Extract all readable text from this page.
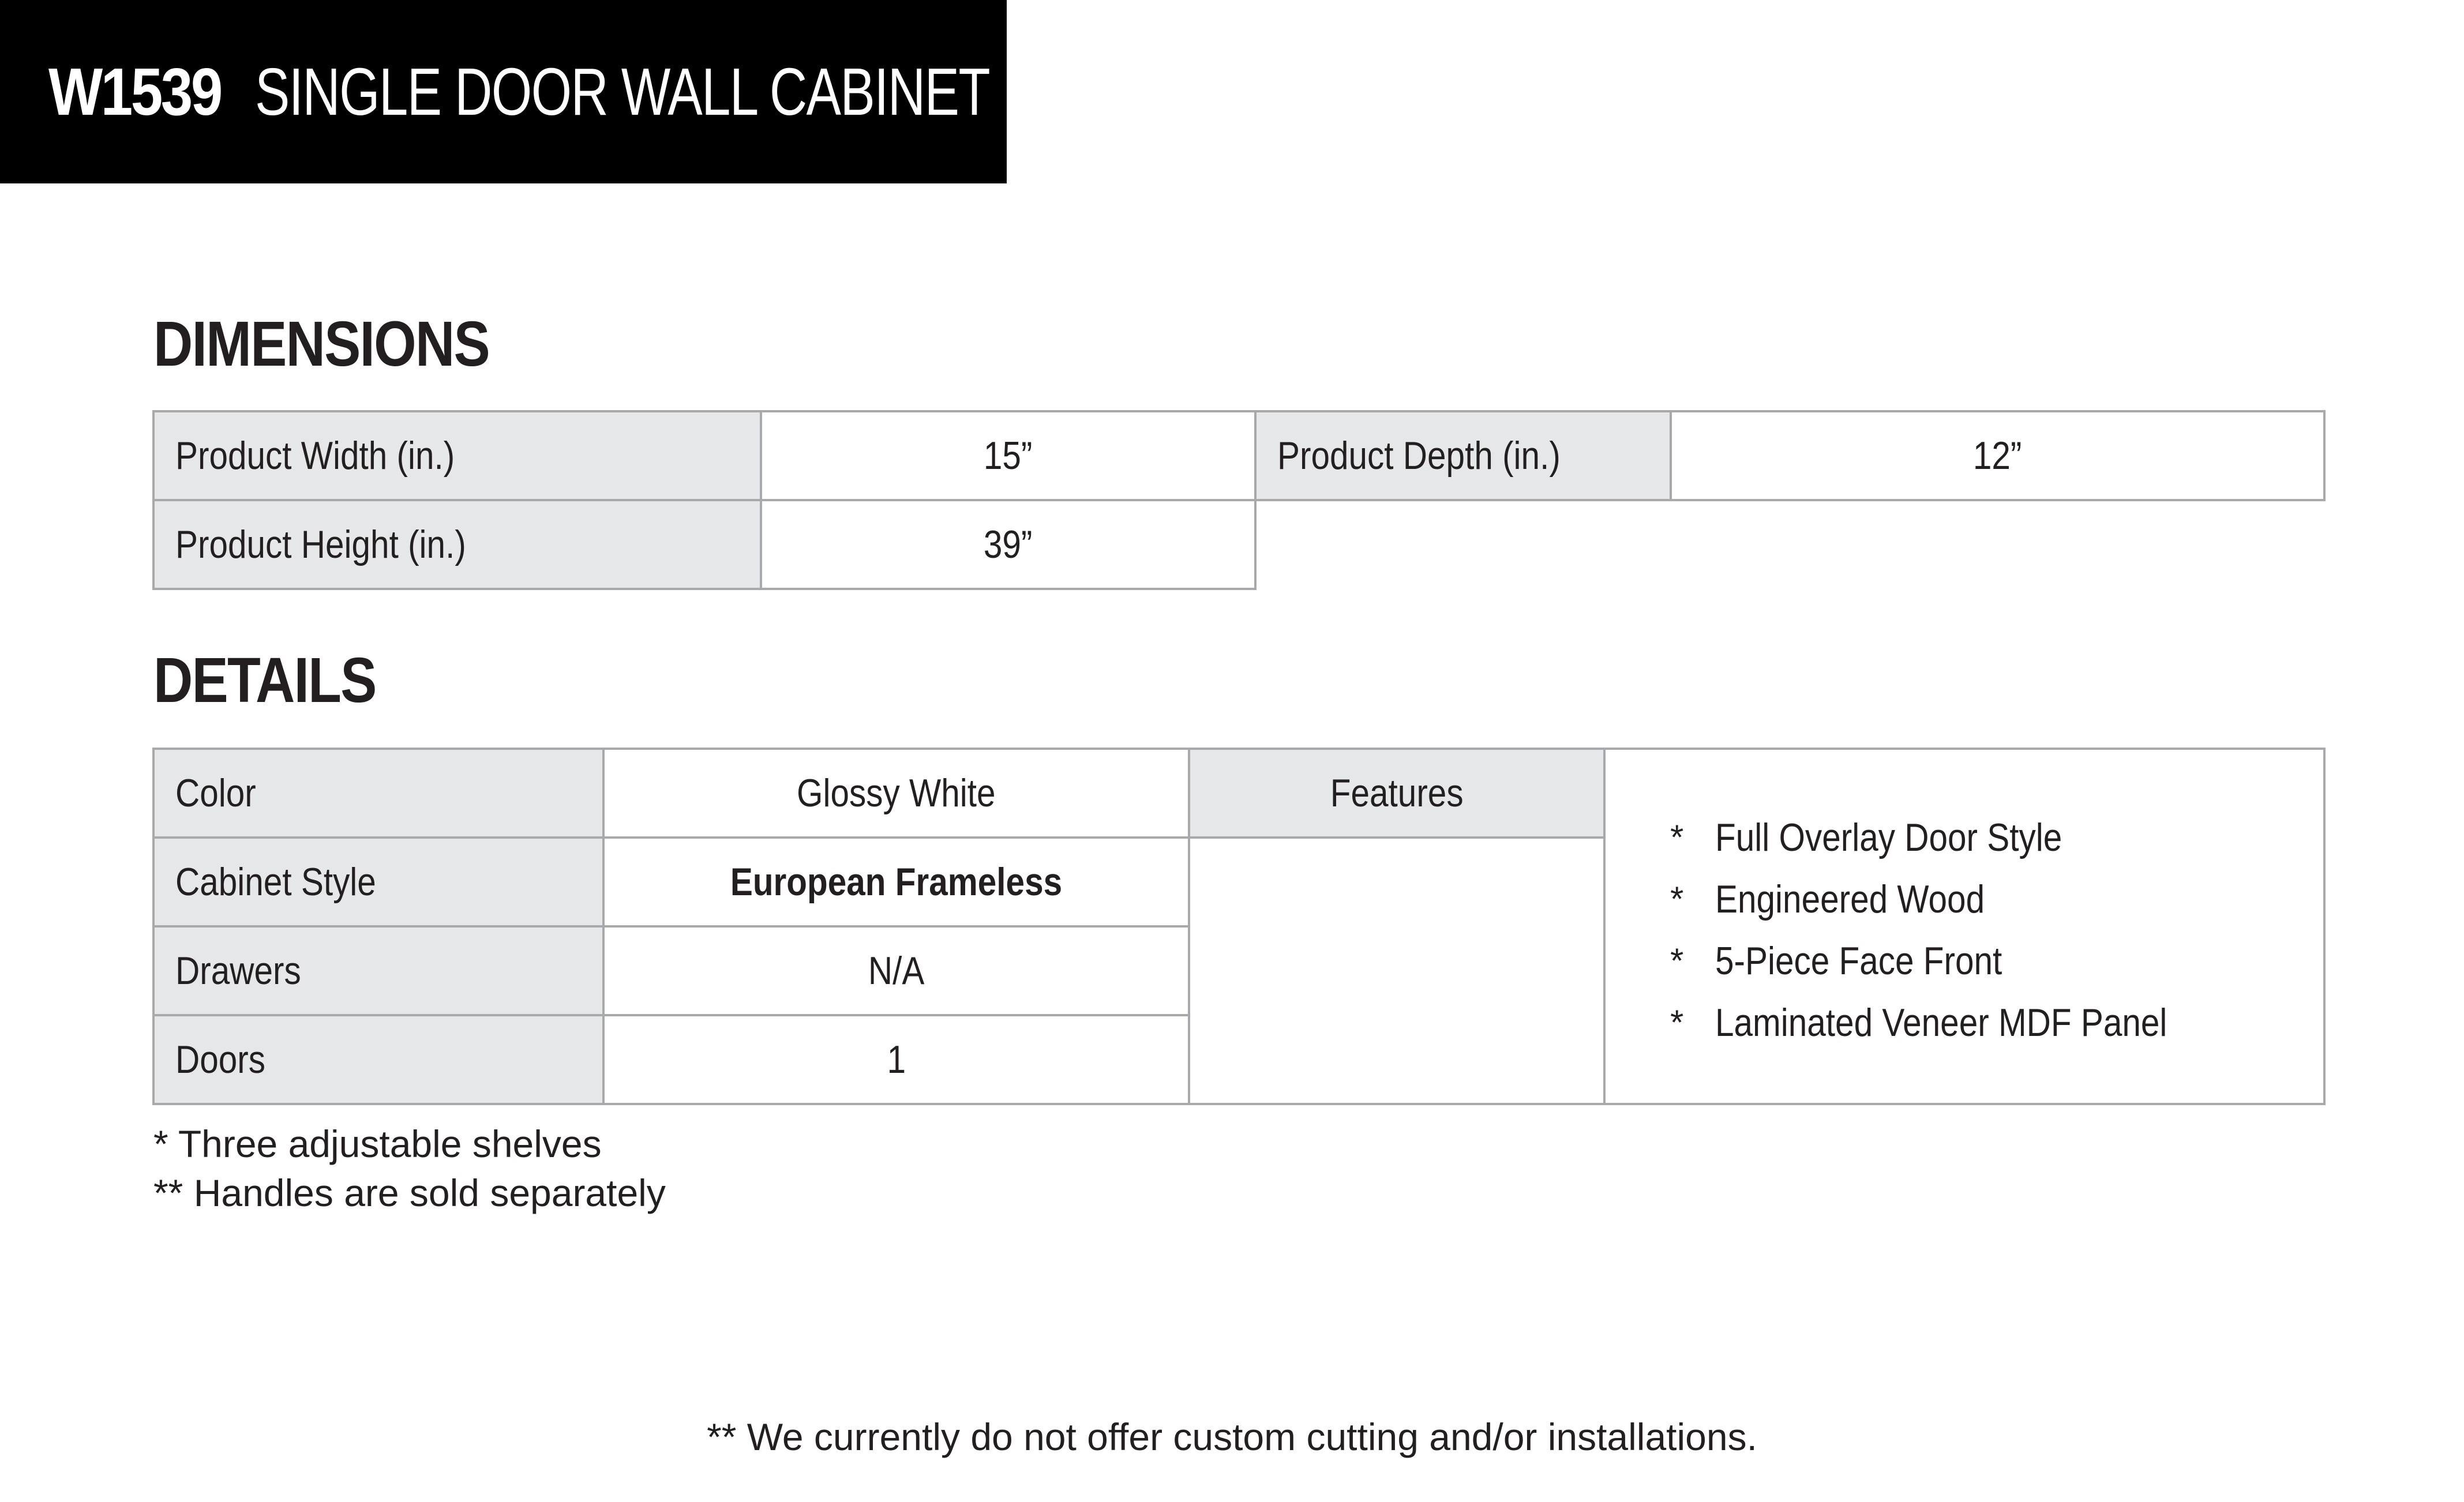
W1539 SINGLE DOOR WALL CABINET
DIMENSIONS
Product Width (in.)	15”	Product Depth (in.)	12”
Product Height (in.)	39”
DETAILS
Color	Glossy White
Cabinet Style	European Frameless
Drawers	N/A
Doors	1
Features
* Full Overlay Door Style
* Engineered Wood
* 5-Piece Face Front
* Laminated Veneer MDF Panel

* Three adjustable shelves

** Handles are sold separately

** We currently do not offer custom cutting and/or installations.
